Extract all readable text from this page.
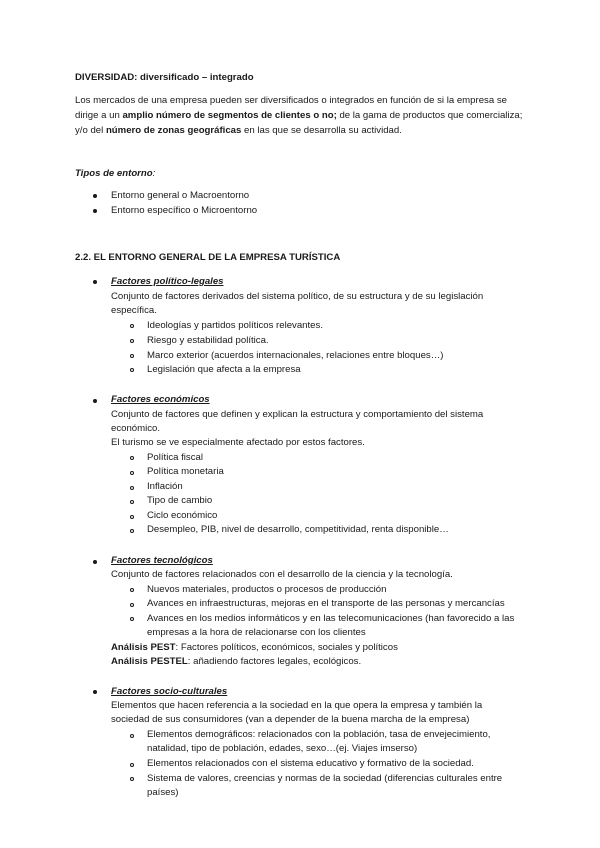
DIVERSIDAD: diversificado – integrado
Los mercados de una empresa pueden ser diversificados o integrados en función de si la empresa se
dirige a un amplio número de segmentos de clientes o no; de la gama de productos que comercializa;
y/o del número de zonas geográficas en las que se desarrolla su actividad.
Tipos de entorno:
Entorno general o Macroentorno
Entorno específico o Microentorno
2.2. EL ENTORNO GENERAL DE LA EMPRESA TURÍSTICA
Factores político-legales
Conjunto de factores derivados del sistema político, de su estructura y de su legislación
específica.
Ideologías y partidos políticos relevantes.
Riesgo y estabilidad política.
Marco exterior (acuerdos internacionales, relaciones entre bloques…)
Legislación que afecta a la empresa
Factores económicos
Conjunto de factores que definen y explican la estructura y comportamiento del sistema
económico.
El turismo se ve especialmente afectado por estos factores.
Política fiscal
Política monetaria
Inflación
Tipo de cambio
Ciclo económico
Desempleo, PIB, nivel de desarrollo, competitividad, renta disponible…
Factores tecnológicos
Conjunto de factores relacionados con el desarrollo de la ciencia y la tecnología.
Nuevos materiales, productos o procesos de producción
Avances en infraestructuras, mejoras en el transporte de las personas y mercancías
Avances en los medios informáticos y en las telecomunicaciones (han favorecido a las
empresas a la hora de relacionarse con los clientes
Análisis PEST: Factores políticos, económicos, sociales y políticos
Análisis PESTEL: añadiendo factores legales, ecológicos.
Factores socio-culturales
Elementos que hacen referencia a la sociedad en la que opera la empresa y también la
sociedad de sus consumidores (van a depender de la buena marcha de la empresa)
Elementos demográficos: relacionados con la población, tasa de envejecimiento,
natalidad, tipo de población, edades, sexo…(ej. Viajes imserso)
Elementos relacionados con el sistema educativo y formativo de la sociedad.
Sistema de valores, creencias y normas de la sociedad (diferencias culturales entre
países)
